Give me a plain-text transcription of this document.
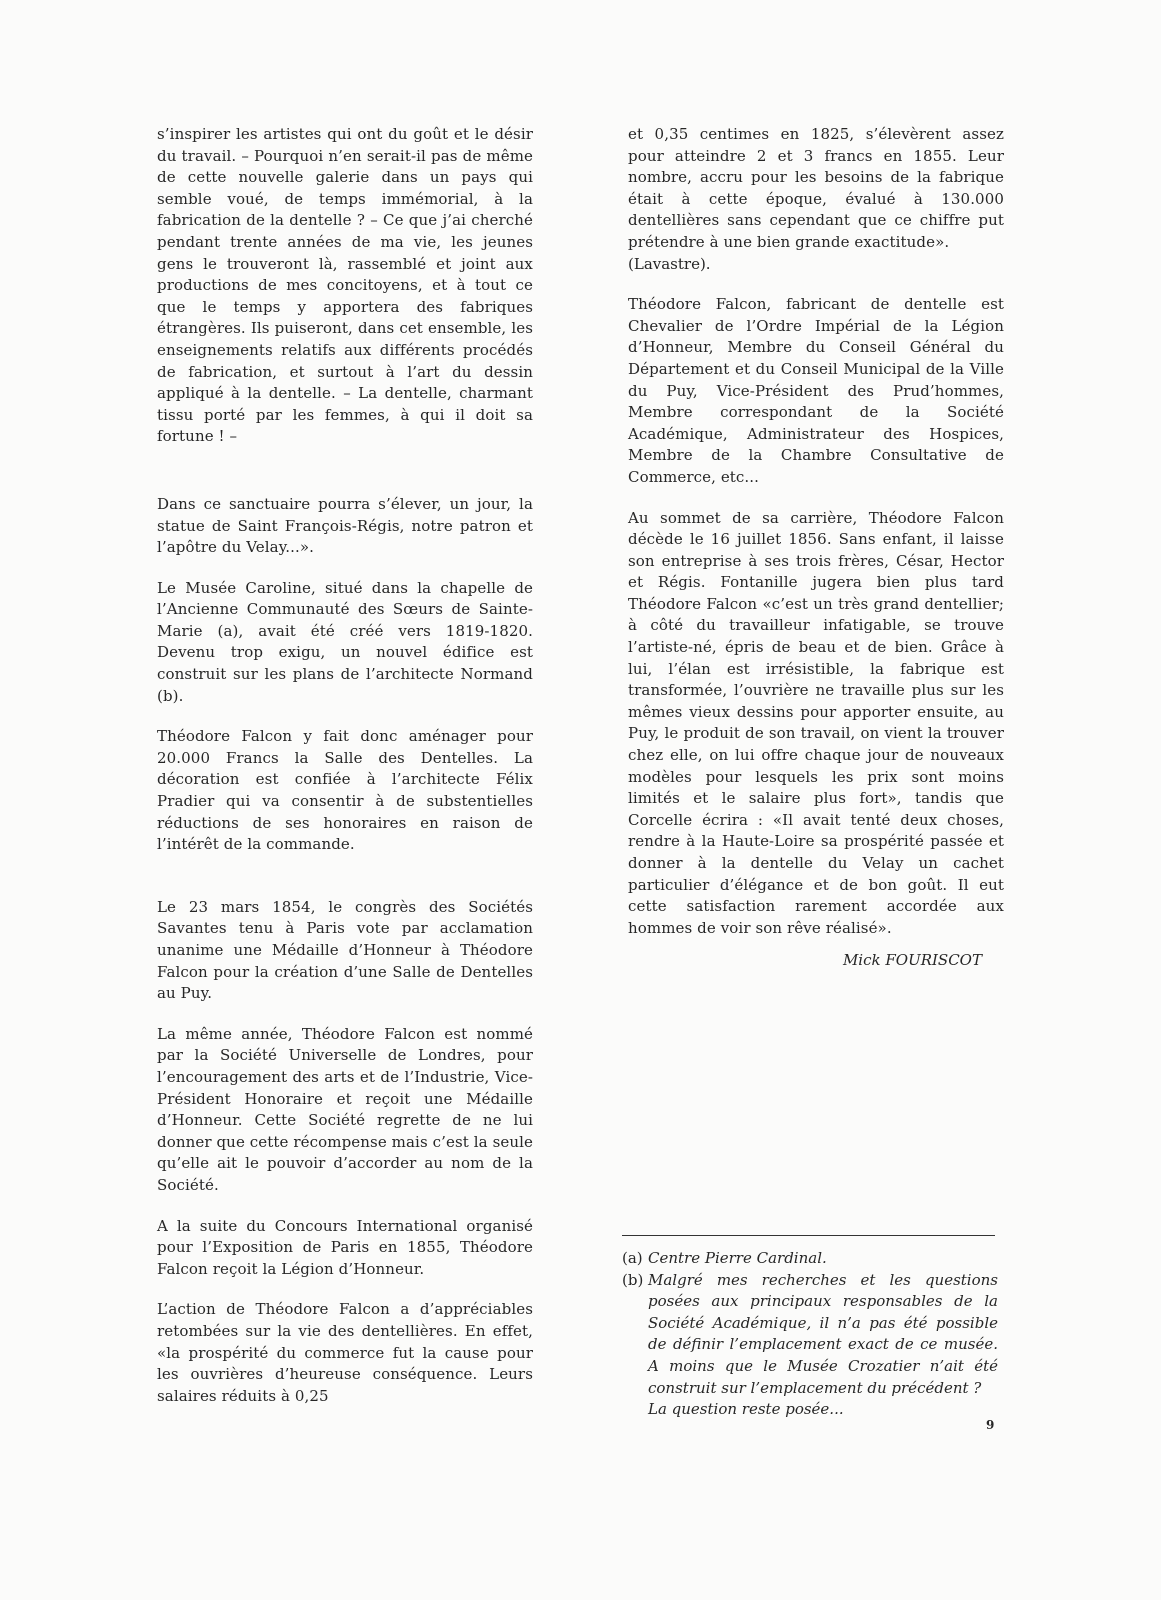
s’inspirer les artistes qui ont du goût et le désir du travail. – Pourquoi n’en serait-il pas de même de cette nouvelle galerie dans un pays qui semble voué, de temps immémorial, à la fabrication de la dentelle ? – Ce que j’ai cherché pendant trente années de ma vie, les jeunes gens le trouveront là, rassemblé et joint aux productions de mes concitoyens, et à tout ce que le temps y apportera des fabriques étrangères. Ils puiseront, dans cet ensemble, les enseignements relatifs aux différents procédés de fabrication, et surtout à l’art du dessin appliqué à la dentelle. – La dentelle, charmant tissu porté par les femmes, à qui il doit sa fortune ! –

Dans ce sanctuaire pourra s’élever, un jour, la statue de Saint François-Régis, notre patron et l’apôtre du Velay...».

Le Musée Caroline, situé dans la chapelle de l’Ancienne Communauté des Sœurs de Sainte-Marie (a), avait été créé vers 1819-1820. Devenu trop exigu, un nouvel édifice est construit sur les plans de l’architecte Normand (b).

Théodore Falcon y fait donc aménager pour 20.000 Francs la Salle des Dentelles. La décoration est confiée à l’architecte Félix Pradier qui va consentir à de substentielles réductions de ses honoraires en raison de l’intérêt de la commande.

Le 23 mars 1854, le congrès des Sociétés Savantes tenu à Paris vote par acclamation unanime une Médaille d’Honneur à Théodore Falcon pour la création d’une Salle de Dentelles au Puy.

La même année, Théodore Falcon est nommé par la Société Universelle de Londres, pour l’encouragement des arts et de l’Industrie, Vice-Président Honoraire et reçoit une Médaille d’Honneur. Cette Société regrette de ne lui donner que cette récompense mais c’est la seule qu’elle ait le pouvoir d’accorder au nom de la Société.

A la suite du Concours International organisé pour l’Exposition de Paris en 1855, Théodore Falcon reçoit la Légion d’Honneur.

L’action de Théodore Falcon a d’appréciables retombées sur la vie des dentellières. En effet, «la prospérité du commerce fut la cause pour les ouvrières d’heureuse conséquence. Leurs salaires réduits à 0,25

et 0,35 centimes en 1825, s’élevèrent assez pour atteindre 2 et 3 francs en 1855. Leur nombre, accru pour les besoins de la fabrique était à cette époque, évalué à 130.000 dentellières sans cependant que ce chiffre put prétendre à une bien grande exactitude».

(Lavastre).

Théodore Falcon, fabricant de dentelle est Chevalier de l’Ordre Impérial de la Légion d’Honneur, Membre du Conseil Général du Département et du Conseil Municipal de la Ville du Puy, Vice-Président des Prud’hommes, Membre correspondant de la Société Académique, Administrateur des Hospices, Membre de la Chambre Consultative de Commerce, etc...

Au sommet de sa carrière, Théodore Falcon décède le 16 juillet 1856. Sans enfant, il laisse son entreprise à ses trois frères, César, Hector et Régis. Fontanille jugera bien plus tard Théodore Falcon «c’est un très grand dentellier; à côté du travailleur infatigable, se trouve l’artiste-né, épris de beau et de bien. Grâce à lui, l’élan est irrésistible, la fabrique est transformée, l’ouvrière ne travaille plus sur les mêmes vieux dessins pour apporter ensuite, au Puy, le produit de son travail, on vient la trouver chez elle, on lui offre chaque jour de nouveaux modèles pour lesquels les prix sont moins limités et le salaire plus fort», tandis que Corcelle écrira : «Il avait tenté deux choses, rendre à la Haute-Loire sa prospérité passée et donner à la dentelle du Velay un cachet particulier d’élégance et de bon goût. Il eut cette satisfaction rarement accordée aux hommes de voir son rêve réalisé».

Mick FOURISCOT
(a) Centre Pierre Cardinal.
(b) Malgré mes recherches et les questions posées aux principaux responsables de la Société Académique, il n’a pas été possible de définir l’emplacement exact de ce musée. A moins que le Musée Crozatier n’ait été construit sur l’emplacement du précédent ?
La question reste posée...
9
